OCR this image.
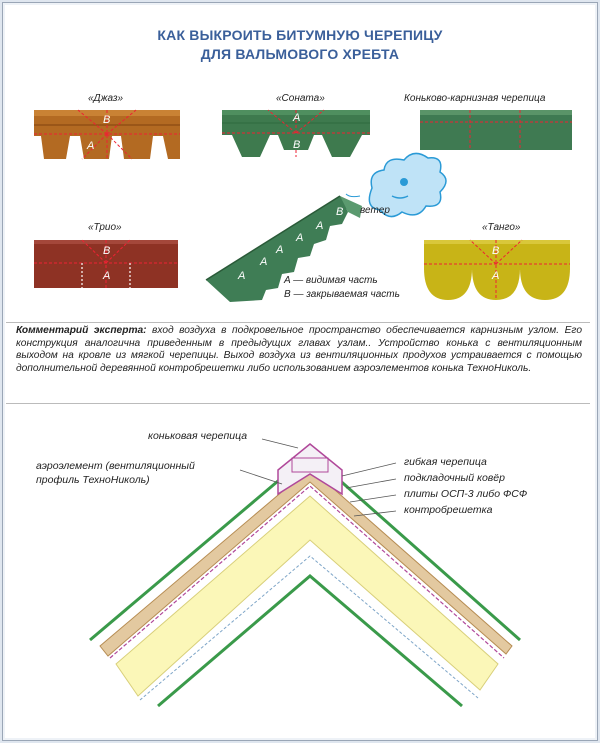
КАК ВЫКРОИТЬ БИТУМНУЮ ЧЕРЕПИЦУ
ДЛЯ ВАЛЬМОВОГО ХРЕБТА
«Джаз»	«Соната»	Коньково-карнизная черепица
«Трио»	«Танго»
B
A
A
B
B
A
B
A
A
A
A
A
A
B ветер
A — видимая часть
B — закрываемая часть
Комментарий эксперта: вход воздуха в подкровельное пространство обеспечивается карнизным узлом. Его конструкция аналогична приведенным в предыдущих главах узлам.. Устройство конька с вентиляционным выходом на кровле из мягкой черепицы. Выход воздуха из вентиляционных продухов устраивается с помощью дополнительной деревянной контробрешетки либо использованием аэроэлементов конька ТехноНиколь.
коньковая черепица
аэроэлемент (вентиляционный
профиль ТехноНиколь)
гибкая черепица
подкладочный ковёр
плиты ОСП-3 либо ФСФ
контробрешетка
